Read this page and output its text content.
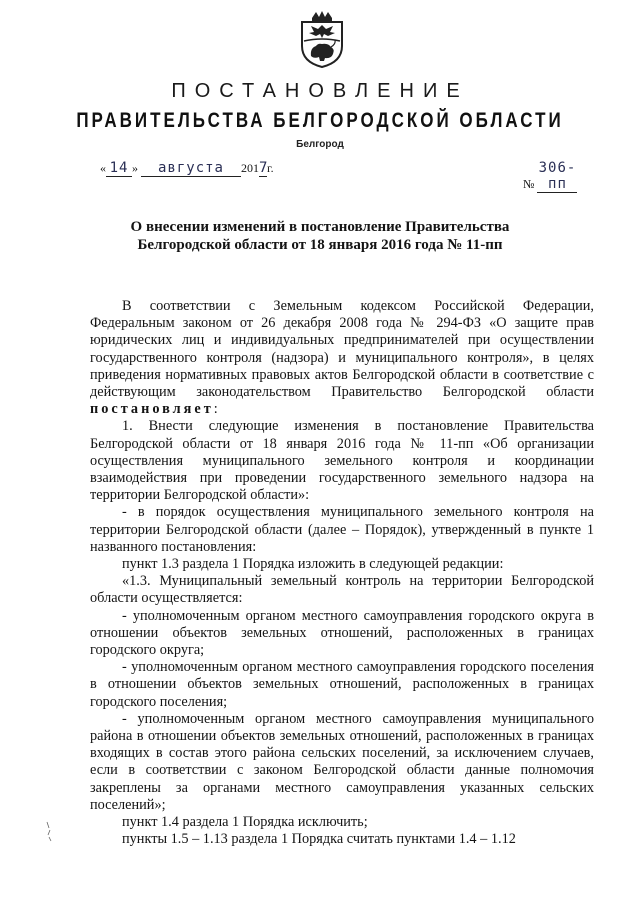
ПОСТАНОВЛЕНИЕ
ПРАВИТЕЛЬСТВА БЕЛГОРОДСКОЙ ОБЛАСТИ
Белгород
« 14 » августа 2017г.
№ 306-пп
О внесении изменений в постановление Правительства
Белгородской области от 18 января 2016 года № 11-пп

В соответствии с Земельным кодексом Российской Федерации, Федеральным законом от 26 декабря 2008 года № 294-ФЗ «О защите прав юридических лиц и индивидуальных предпринимателей при осуществлении государственного контроля (надзора) и муниципального контроля», в целях приведения нормативных правовых актов Белгородской области в соответствие с действующим законодательством Правительство Белгородской области постановляет:

1. Внести следующие изменения в постановление Правительства Белгородской области от 18 января 2016 года № 11-пп «Об организации осуществления муниципального земельного контроля и координации взаимодействия при проведении государственного земельного надзора на территории Белгородской области»:

- в порядок осуществления муниципального земельного контроля на территории Белгородской области (далее – Порядок), утвержденный в пункте 1 названного постановления:

пункт 1.3 раздела 1 Порядка изложить в следующей редакции:

«1.3. Муниципальный земельный контроль на территории Белгородской области осуществляется:

- уполномоченным органом местного самоуправления городского округа в отношении объектов земельных отношений, расположенных в границах городского округа;

- уполномоченным органом местного самоуправления городского поселения в отношении объектов земельных отношений, расположенных в границах городского поселения;

- уполномоченным органом местного самоуправления муниципального района в отношении объектов земельных отношений, расположенных в границах входящих в состав этого района сельских поселений, за исключением случаев, если в соответствии с законом Белгородской области данные полномочия закреплены за органами местного самоуправления указанных сельских поселений»;

пункт 1.4 раздела 1 Порядка исключить;

пункты 1.5 – 1.13 раздела 1 Порядка считать пунктами 1.4 – 1.12
